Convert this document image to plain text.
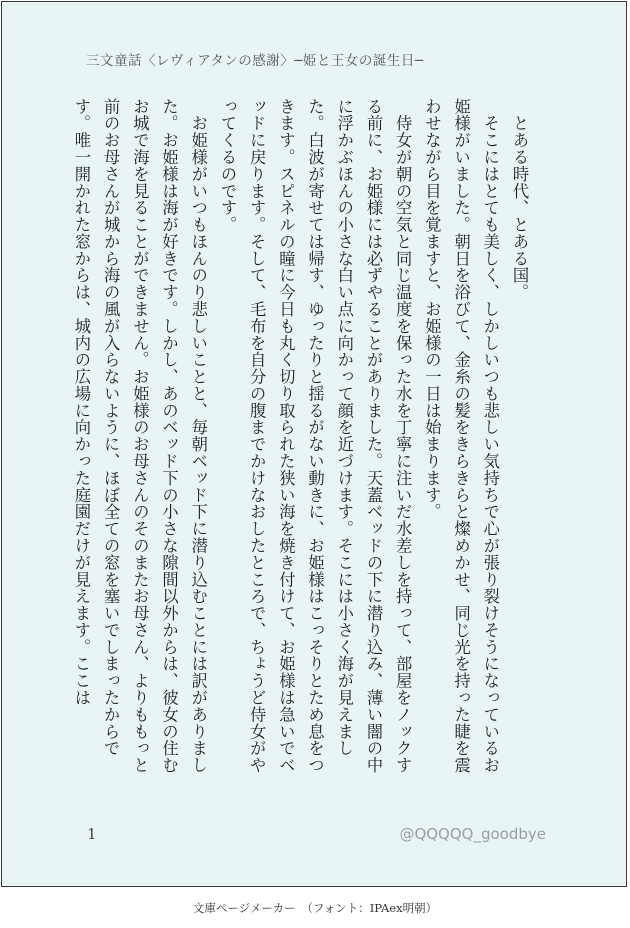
三文童話〈レヴィアタンの感謝〉─姫と王女の誕生日─

　とある時代、とある国。

　そこにはとても美しく、しかしいつも悲しい気持ちで心が張り裂けそうになっているお姫様がいました。朝日を浴びて、金糸の髪をきらきらと燦めかせ、同じ光を持った睫を震わせながら目を覚ますと、お姫様の一日は始まります。

　侍女が朝の空気と同じ温度を保った水を丁寧に注いだ水差しを持って、部屋をノックする前に、お姫様には必ずやることがありました。天蓋ベッドの下に潜り込み、薄い闇の中に浮かぶほんの小さな白い点に向かって顔を近づけます。そこには小さく海が見えました。白波が寄せては帰す、ゆったりと揺るがない動きに、お姫様はこっそりとため息をつきます。スピネルの瞳に今日も丸く切り取られた狭い海を焼き付けて、お姫様は急いでベッドに戻ります。そして、毛布を自分の腹までかけなおしたところで、ちょうど侍女がやってくるのです。

　お姫様がいつもほんのり悲しいことと、毎朝ベッド下に潜り込むことには訳がありました。お姫様は海が好きです。しかし、あのベッド下の小さな隙間以外からは、彼女の住むお城で海を見ることができません。お姫様のお母さんのそのまたお母さん、よりももっと前のお母さんが城から海の風が入らないように、ほぼ全ての窓を塞いでしまったからです。唯一開かれた窓からは、城内の広場に向かった庭園だけが見えます。ここは

1	@QQQQQ_goodbye
文庫ページメーカー　（フォント：IPAex明朝）
